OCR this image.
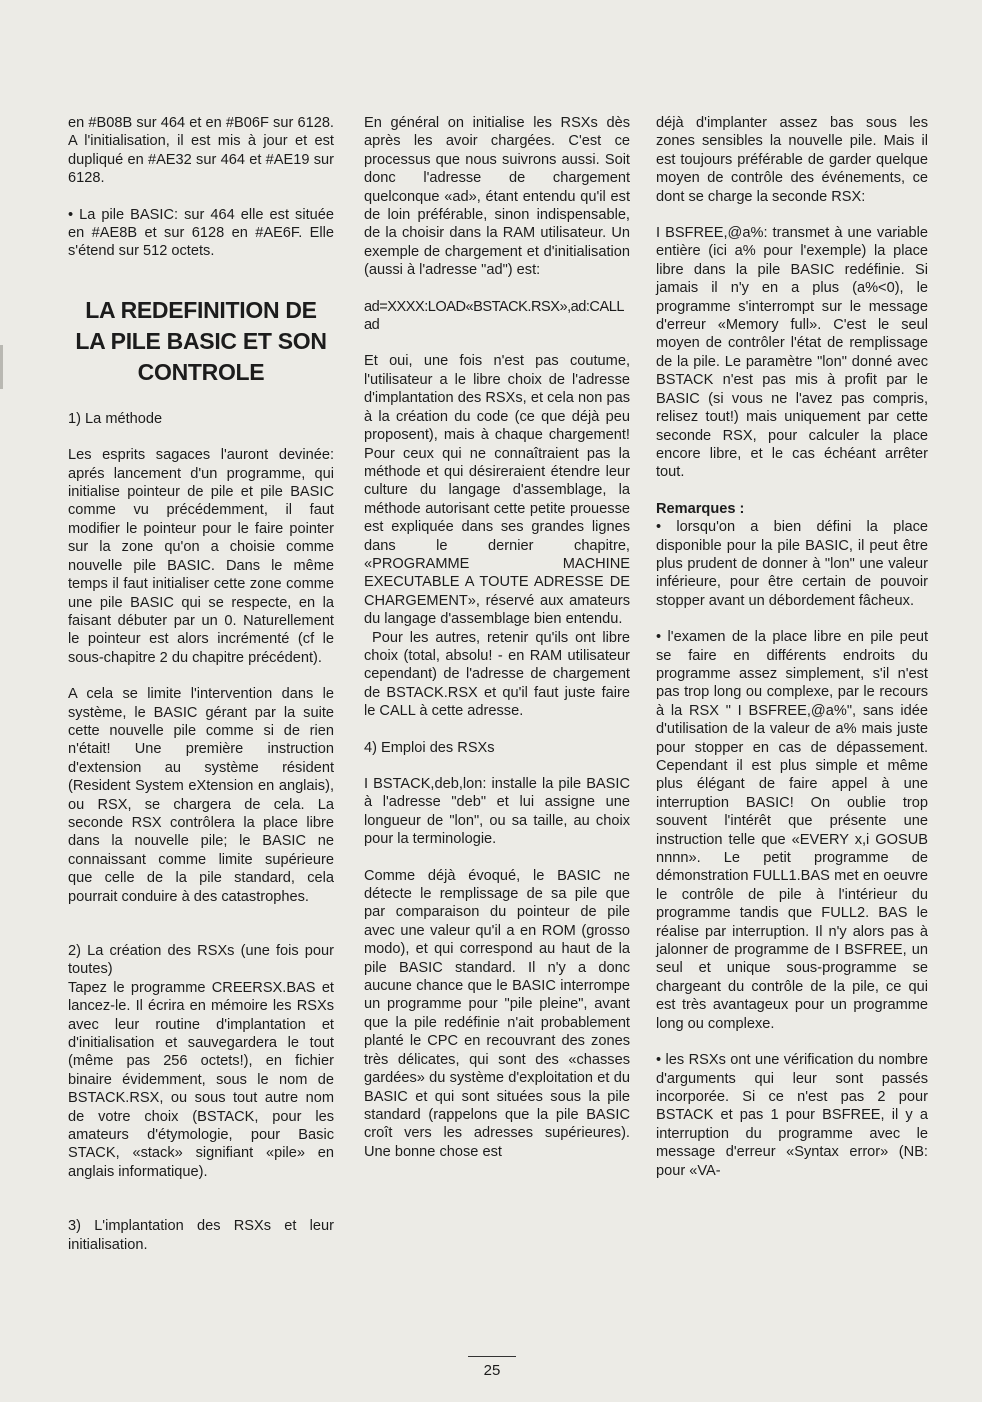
en #B08B sur 464 et en #B06F sur 6128. A l'initialisation, il est mis à jour et est dupliqué en #AE32 sur 464 et #AE19 sur 6128.

• La pile BASIC: sur 464 elle est située en #AE8B et sur 6128 en #AE6F. Elle s'étend sur 512 octets.

LA REDEFINITION DE LA PILE BASIC ET SON CONTROLE

1) La méthode

Les esprits sagaces l'auront devinée: aprés lancement d'un programme, qui initialise pointeur de pile et pile BASIC comme vu précédemment, il faut modifier le pointeur pour le faire pointer sur la zone qu'on a choisie comme nouvelle pile BASIC. Dans le même temps il faut initialiser cette zone comme une pile BASIC qui se respecte, en la faisant débuter par un 0. Naturellement le pointeur est alors incrémenté (cf le sous-chapitre 2 du chapitre précédent).

A cela se limite l'intervention dans le système, le BASIC gérant par la suite cette nouvelle pile comme si de rien n'était! Une première instruction d'extension au système résident (Resident System eXtension en anglais), ou RSX, se chargera de cela. La seconde RSX contrôlera la place libre dans la nouvelle pile; le BASIC ne connaissant comme limite supérieure que celle de la pile standard, cela pourrait conduire à des catastrophes.

2) La création des RSXs (une fois pour toutes)

Tapez le programme CREERSX.BAS et lancez-le. Il écrira en mémoire les RSXs avec leur routine d'implantation et d'initialisation et sauvegardera le tout (même pas 256 octets!), en fichier binaire évidemment, sous le nom de BSTACK.RSX, ou sous tout autre nom de votre choix (BSTACK, pour les amateurs d'étymologie, pour Basic STACK, «stack» signifiant «pile» en anglais informatique).

3) L'implantation des RSXs et leur initialisation.

En général on initialise les RSXs dès après les avoir chargées. C'est ce processus que nous suivrons aussi. Soit donc l'adresse de chargement quelconque «ad», étant entendu qu'il est de loin préférable, sinon indispensable, de la choisir dans la RAM utilisateur. Un exemple de chargement et d'initialisation (aussi à l'adresse "ad") est:

ad=XXXX:LOAD«BSTACK.RSX»,ad:CALL ad

Et oui, une fois n'est pas coutume, l'utilisateur a le libre choix de l'adresse d'implantation des RSXs, et cela non pas à la création du code (ce que déjà peu proposent), mais à chaque chargement! Pour ceux qui ne connaîtraient pas la méthode et qui désireraient étendre leur culture du langage d'assemblage, la méthode autorisant cette petite prouesse est expliquée dans ses grandes lignes dans le dernier chapitre, «PROGRAMME MACHINE EXECUTABLE A TOUTE ADRESSE DE CHARGEMENT», réservé aux amateurs du langage d'assemblage bien entendu.

Pour les autres, retenir qu'ils ont libre choix (total, absolu! - en RAM utilisateur cependant) de l'adresse de chargement de BSTACK.RSX et qu'il faut juste faire le CALL à cette adresse.

4) Emploi des RSXs

I BSTACK,deb,lon: installe la pile BASIC à l'adresse "deb" et lui assigne une longueur de "lon", ou sa taille, au choix pour la terminologie.

Comme déjà évoqué, le BASIC ne détecte le remplissage de sa pile que par comparaison du pointeur de pile avec une valeur qu'il a en ROM (grosso modo), et qui correspond au haut de la pile BASIC standard. Il n'y a donc aucune chance que le BASIC interrompe un programme pour "pile pleine", avant que la pile redéfinie n'ait probablement planté le CPC en recouvrant des zones très délicates, qui sont des «chasses gardées» du système d'exploitation et du BASIC et qui sont situées sous la pile standard (rappelons que la pile BASIC croît vers les adresses supérieures). Une bonne chose est

déjà d'implanter assez bas sous les zones sensibles la nouvelle pile. Mais il est toujours préférable de garder quelque moyen de contrôle des événements, ce dont se charge la seconde RSX:

I BSFREE,@a%: transmet à une variable entière (ici a% pour l'exemple) la place libre dans la pile BASIC redéfinie. Si jamais il n'y en a plus (a%<0), le programme s'interrompt sur le message d'erreur «Memory full». C'est le seul moyen de contrôler l'état de remplissage de la pile. Le paramètre "lon" donné avec BSTACK n'est pas mis à profit par le BASIC (si vous ne l'avez pas compris, relisez tout!) mais uniquement par cette seconde RSX, pour calculer la place encore libre, et le cas échéant arrêter tout.

Remarques :

• lorsqu'on a bien défini la place disponible pour la pile BASIC, il peut être plus prudent de donner à "lon" une valeur inférieure, pour être certain de pouvoir stopper avant un débordement fâcheux.

• l'examen de la place libre en pile peut se faire en différents endroits du programme assez simplement, s'il n'est pas trop long ou complexe, par le recours à la RSX " I BSFREE,@a%", sans idée d'utilisation de la valeur de a% mais juste pour stopper en cas de dépassement. Cependant il est plus simple et même plus élégant de faire appel à une interruption BASIC! On oublie trop souvent l'intérêt que présente une instruction telle que «EVERY x,i GOSUB nnnn». Le petit programme de démonstration FULL1.BAS met en oeuvre le contrôle de pile à l'intérieur du programme tandis que FULL2. BAS le réalise par interruption. Il n'y alors pas à jalonner de programme de I BSFREE, un seul et unique sous-programme se chargeant du contrôle de la pile, ce qui est très avantageux pour un programme long ou complexe.

• les RSXs ont une vérification du nombre d'arguments qui leur sont passés incorporée. Si ce n'est pas 2 pour BSTACK et pas 1 pour BSFREE, il y a interruption du programme avec le message d'erreur «Syntax error» (NB: pour «VA-

25
